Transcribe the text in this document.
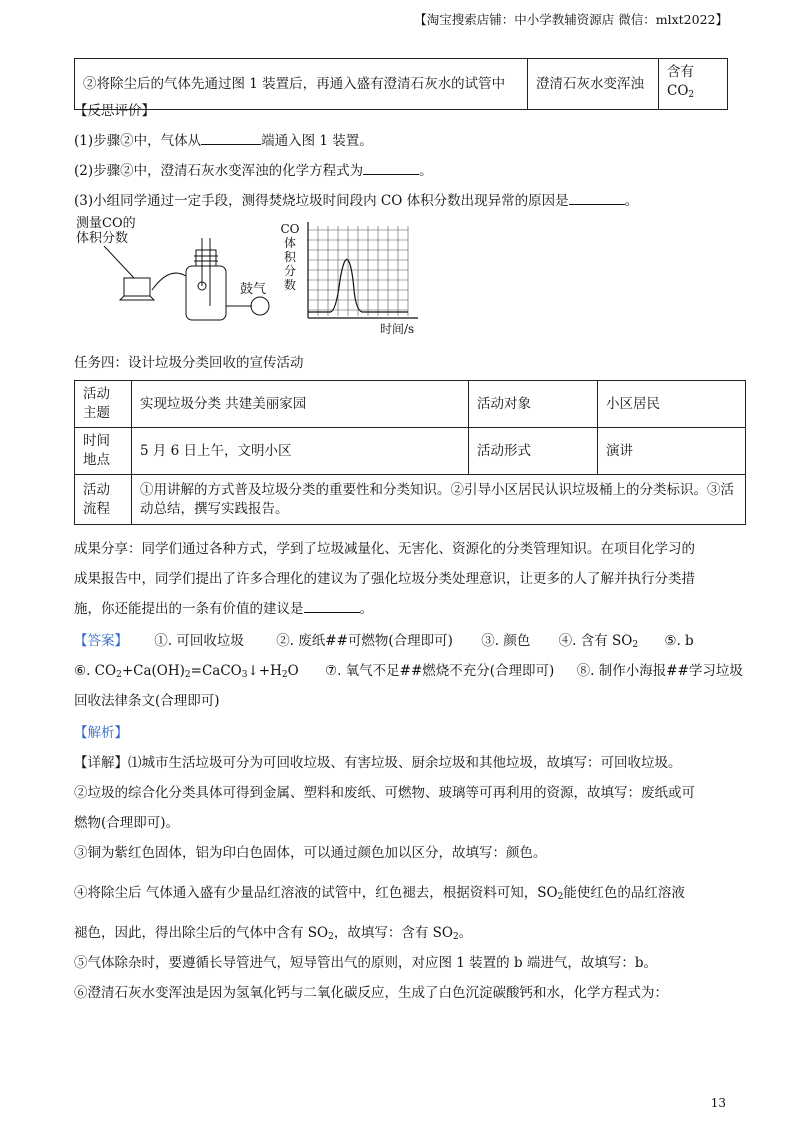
【淘宝搜索店铺：中小学教辅资源店 微信：mlxt2022】
②将除尘后的气体先通过图 1 装置后，再通入盛有澄清石灰水的试管中	澄清石灰水变浑浊	含有 $CO_2$
【反思评价】
(1)步骤②中，气体从	端通入图 1 装置。
(2)步骤②中，澄清石灰水变浑浊的化学方程式为	。
(3)小组同学通过一定手段，测得焚烧垃圾时间段内 CO 体积分数出现异常的原因是	。
测量CO的
体积分数
鼓气
CO
体
积
分
数
时间/s
任务四：设计垃圾分类回收的宣传活动
活动主题	实现垃圾分类 共建美丽家园	活动对象	小区居民
时间地点	5 月 6 日上午，文明小区	活动形式	演讲
活动流程	①用讲解的方式普及垃圾分类的重要性和分类知识。②引导小区居民认识垃圾桶上的分类标识。③活动总结，撰写实践报告。		
成果分享：同学们通过各种方式，学到了垃圾减量化、无害化、资源化的分类管理知识。在项目化学习的
成果报告中，同学们提出了许多合理化的建议为了强化垃圾分类处理意识，让更多的人了解并执行分类措
施，你还能提出的一条有价值的建议是	。
【答案】 ①. 可回收垃圾 ②. 废纸##可燃物(合理即可) ③. 颜色 ④. 含有 $SO_2$ ⑤. b
⑥. $CO_2+Ca(OH)_2=CaCO_3↓+H_2O$ ⑦. 氧气不足##燃烧不充分(合理即可) ⑧. 制作小海报##学习垃圾
回收法律条文(合理即可)
【解析】
【详解】⑴城市生活垃圾可分为可回收垃圾、有害垃圾、厨余垃圾和其他垃圾，故填写：可回收垃圾。
②垃圾的综合化分类具体可得到金属、塑料和废纸、可燃物、玻璃等可再利用的资源，故填写：废纸或可
燃物(合理即可)。
③铜为紫红色固体，铝为印白色固体，可以通过颜色加以区分，故填写：颜色。
④将除尘后 气体通入盛有少量品红溶液的试管中，红色褪去，根据资料可知，$SO_2$能使红色的品红溶液
褪色，因此，得出除尘后的气体中含有 $SO_2$，故填写：含有 $SO_2$。
⑤气体除杂时，要遵循长导管进气，短导管出气的原则，对应图 1 装置的 b 端进气，故填写：b。
⑥澄清石灰水变浑浊是因为氢氧化钙与二氧化碳反应，生成了白色沉淀碳酸钙和水，化学方程式为：
13
